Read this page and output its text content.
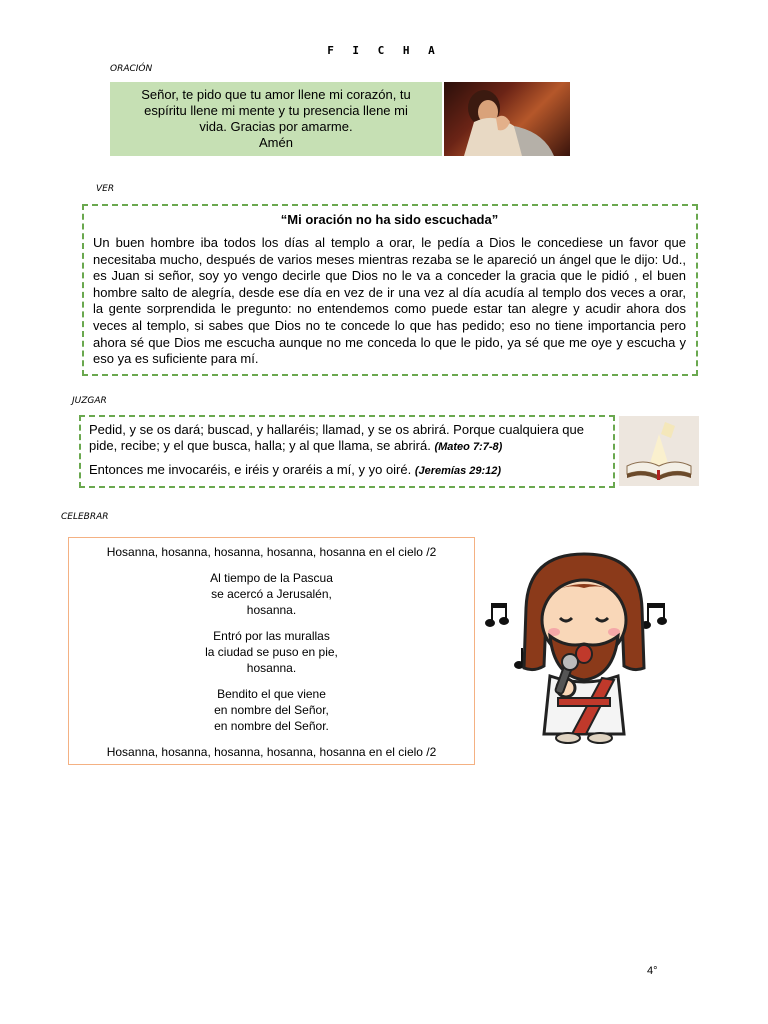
F I C H A
ORACIÓN
Señor, te pido que tu amor llene mi corazón, tu
espíritu llene mi mente y tu presencia llene mi
vida. Gracias por amarme.
Amén
VER

“Mi oración no ha sido escuchada”

Un buen hombre iba todos los días al templo a orar, le pedía a Dios le concediese un favor que necesitaba mucho, después de varios meses mientras rezaba se le apareció un ángel que le dijo: Ud., es Juan si señor, soy yo vengo decirle que Dios no le va a conceder la gracia que le pidió , el buen hombre salto de alegría, desde ese día en vez de ir una vez al día acudía al templo dos veces a orar, la gente sorprendida le pregunto: no entendemos como puede estar tan alegre y acudir ahora dos veces al templo, si sabes que Dios no te concede lo que has pedido; eso no tiene importancia pero ahora sé que Dios me escucha aunque no me conceda lo que le pido, ya sé que me oye y escucha y eso ya es suficiente para mí.

JUZGAR

Pedid, y se os dará; buscad, y hallaréis; llamad, y se os abrirá. Porque cualquiera que pide, recibe; y el que busca, halla; y al que llama, se abrirá. (Mateo 7:7-8)

Entonces me invocaréis, e iréis y oraréis a mí, y yo oiré. (Jeremías 29:12)

CELEBRAR

Hosanna, hosanna, hosanna, hosanna, hosanna en el cielo /2

Al tiempo de la Pascua
se acercó a Jerusalén,
hosanna.

Entró por las murallas
la ciudad se puso en pie,
hosanna.

Bendito el que viene
en nombre del Señor,
en nombre del Señor.

Hosanna, hosanna, hosanna, hosanna, hosanna en el cielo /2

4°
